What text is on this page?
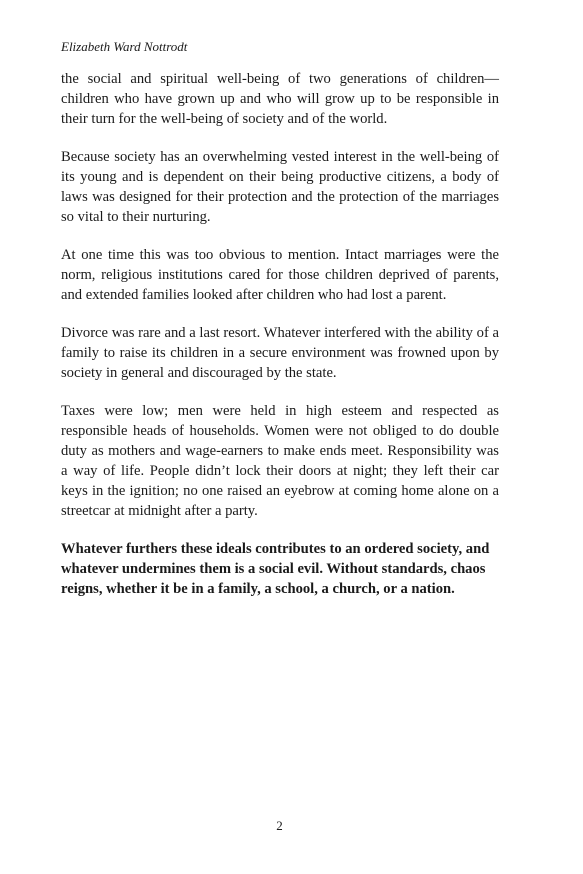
Elizabeth Ward Nottrodt

the social and spiritual well-being of two generations of children—children who have grown up and who will grow up to be responsible in their turn for the well-being of society and of the world.

Because society has an overwhelming vested interest in the well-being of its young and is dependent on their being productive citizens, a body of laws was designed for their protection and the protection of the marriages so vital to their nurturing.

At one time this was too obvious to mention. Intact marriages were the norm, religious institutions cared for those children deprived of parents, and extended families looked after children who had lost a parent.

Divorce was rare and a last resort. Whatever interfered with the ability of a family to raise its children in a secure environment was frowned upon by society in general and discouraged by the state.

Taxes were low; men were held in high esteem and respected as responsible heads of households. Women were not obliged to do double duty as mothers and wage-earners to make ends meet. Responsibility was a way of life. People didn’t lock their doors at night; they left their car keys in the ignition; no one raised an eyebrow at coming home alone on a streetcar at midnight after a party.

Whatever furthers these ideals contributes to an ordered society, and whatever undermines them is a social evil. Without standards, chaos reigns, whether it be in a family, a school, a church, or a nation.

2
